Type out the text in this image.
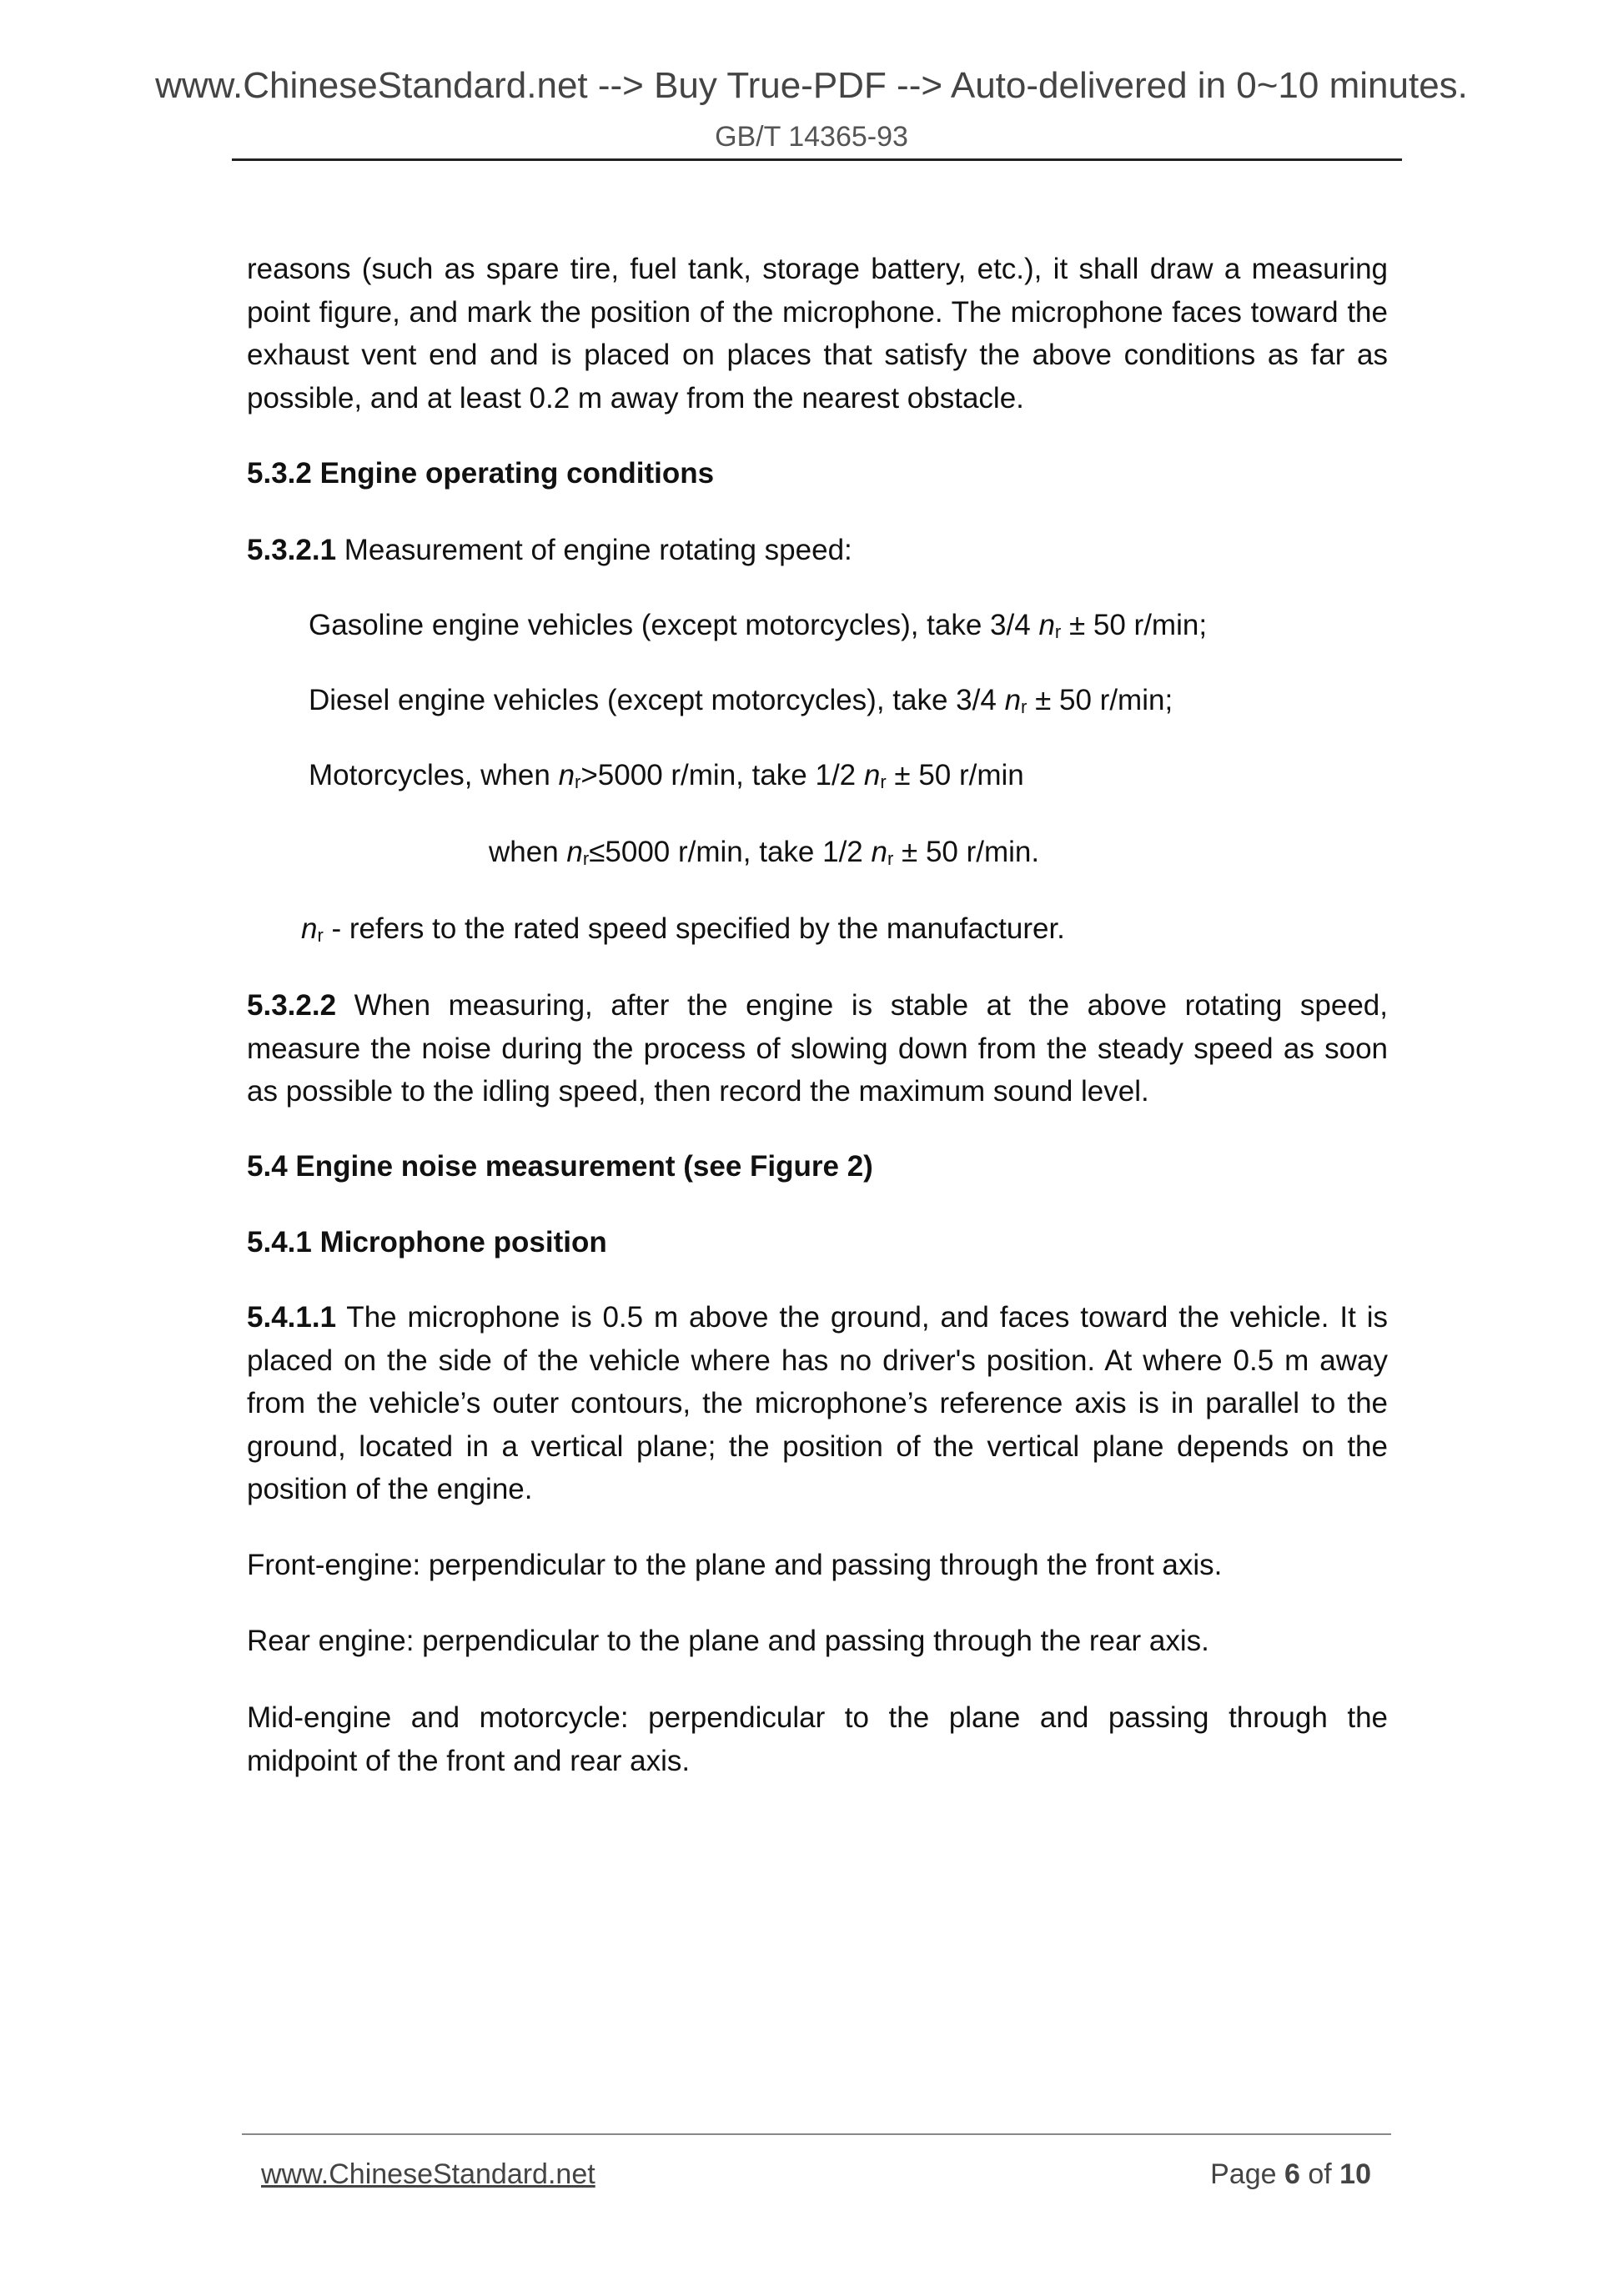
www.ChineseStandard.net --> Buy True-PDF --> Auto-delivered in 0~10 minutes.
GB/T 14365-93
reasons (such as spare tire, fuel tank, storage battery, etc.), it shall draw a measuring point figure, and mark the position of the microphone. The microphone faces toward the exhaust vent end and is placed on places that satisfy the above conditions as far as possible, and at least 0.2 m away from the nearest obstacle.
5.3.2 Engine operating conditions
5.3.2.1 Measurement of engine rotating speed:
Gasoline engine vehicles (except motorcycles), take 3/4 $n_r \pm 50$ r/min;
Diesel engine vehicles (except motorcycles), take 3/4 $n_r \pm 50$ r/min;
Motorcycles, when $n_r>5000$ r/min, take 1/2 $n_r \pm 50$ r/min
when $n_r\le 5000$ r/min, take 1/2 $n_r \pm 50$ r/min.
$n_r$ - refers to the rated speed specified by the manufacturer.
5.3.2.2 When measuring, after the engine is stable at the above rotating speed, measure the noise during the process of slowing down from the steady speed as soon as possible to the idling speed, then record the maximum sound level.
5.4 Engine noise measurement (see Figure 2)
5.4.1 Microphone position
5.4.1.1 The microphone is 0.5 m above the ground, and faces toward the vehicle. It is placed on the side of the vehicle where has no driver's position. At where 0.5 m away from the vehicle’s outer contours, the microphone’s reference axis is in parallel to the ground, located in a vertical plane; the position of the vertical plane depends on the position of the engine.
Front-engine: perpendicular to the plane and passing through the front axis.
Rear engine: perpendicular to the plane and passing through the rear axis.
Mid-engine and motorcycle: perpendicular to the plane and passing through the midpoint of the front and rear axis.
www.ChineseStandard.net	Page 6 of 10
